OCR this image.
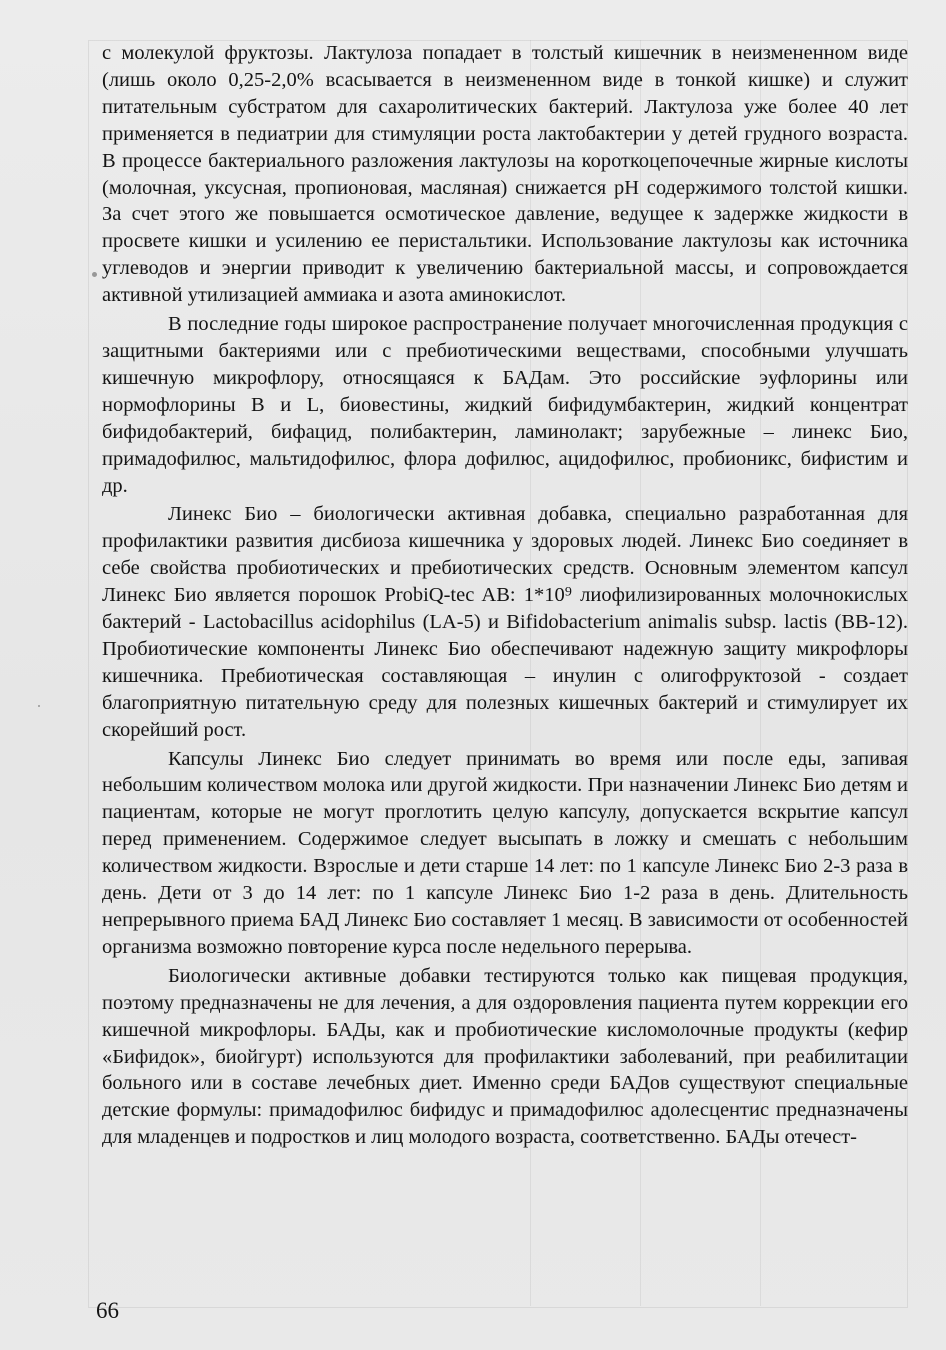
с молекулой фруктозы. Лактулоза попадает в толстый кишечник в неизмененном виде (лишь около 0,25-2,0% всасывается в неизмененном виде в тонкой кишке) и служит питательным субстратом для сахаролитических бактерий. Лактулоза уже более 40 лет применяется в педиатрии для стимуляции роста лактобактерии у детей грудного возраста. В процессе бактериального разложения лактулозы на короткоцепочечные жирные кислоты (молочная, уксусная, пропионовая, масляная) снижается pH содержимого толстой кишки. За счет этого же повышается осмотическое давление, ведущее к задержке жидкости в просвете кишки и усилению ее перистальтики. Использование лактулозы как источника углеводов и энергии приводит к увеличению бактериальной массы, и сопровождается активной утилизацией аммиака и азота аминокислот.

В последние годы широкое распространение получает многочисленная продукция с защитными бактериями или с пребиотическими веществами, способными улучшать кишечную микрофлору, относящаяся к БАДам. Это российские эуфлорины или нормофлорины В и L, биовестины, жидкий бифидумбактерин, жидкий концентрат бифидобактерий, бифацид, полибактерин, ламинолакт; зарубежные – линекс Био, примадофилюс, мальтидофилюс, флора дофилюс, ацидофилюс, пробионикс, бифистим и др.

Линекс Био – биологически активная добавка, специально разработанная для профилактики развития дисбиоза кишечника у здоровых людей. Линекс Био соединяет в себе свойства пробиотических и пребиотических средств. Основным элементом капсул Линекс Био является порошок ProbiQ-tec AB: 1*10⁹ лиофилизированных молочнокислых бактерий - Lactobacillus acidophilus (LA-5) и Bifidobacterium animalis subsp. lactis (BB-12). Пробиотические компоненты Линекс Био обеспечивают надежную защиту микрофлоры кишечника. Пребиотическая составляющая – инулин с олигофруктозой - создает благоприятную питательную среду для полезных кишечных бактерий и стимулирует их скорейший рост.

Капсулы Линекс Био следует принимать во время или после еды, запивая небольшим количеством молока или другой жидкости. При назначении Линекс Био детям и пациентам, которые не могут проглотить целую капсулу, допускается вскрытие капсул перед применением. Содержимое следует высыпать в ложку и смешать с небольшим количеством жидкости. Взрослые и дети старше 14 лет: по 1 капсуле Линекс Био 2-3 раза в день. Дети от 3 до 14 лет: по 1 капсуле Линекс Био 1-2 раза в день. Длительность непрерывного приема БАД Линекс Био составляет 1 месяц. В зависимости от особенностей организма возможно повторение курса после недельного перерыва.

Биологически активные добавки тестируются только как пищевая продукция, поэтому предназначены не для лечения, а для оздоровления пациента путем коррекции его кишечной микрофлоры. БАДы, как и пробиотические кисломолочные продукты (кефир «Бифидок», биойгурт) используются для профилактики заболеваний, при реабилитации больного или в составе лечебных диет. Именно среди БАДов существуют специальные детские формулы: примадофилюс бифидус и примадофилюс адолесцентис предназначены для младенцев и подростков и лиц молодого возраста, соответственно. БАДы отечест-

66
